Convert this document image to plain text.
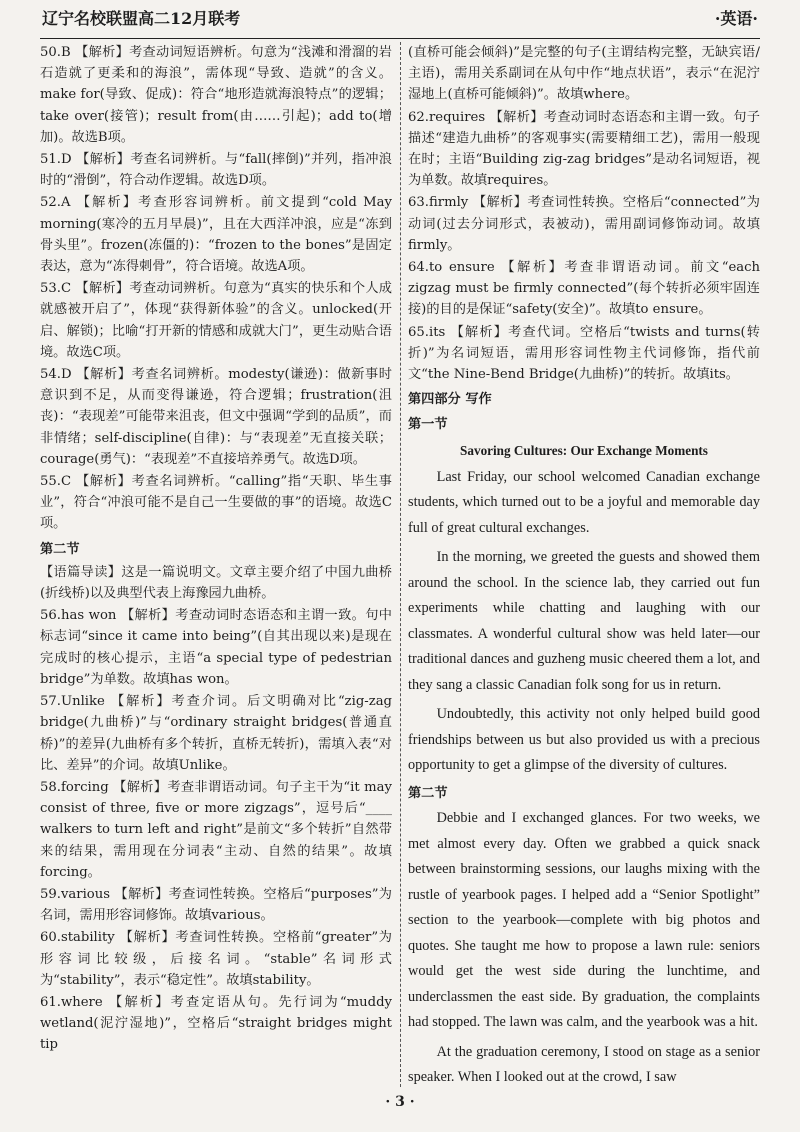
辽宁名校联盟高二12月联考	·英语·
50.B 【解析】考查动词短语辨析。句意为“浅滩和滑溜的岩石造就了更柔和的海浪”，需体现“导致、造就”的含义。make for(导致、促成)：符合“地形造就海浪特点”的逻辑；take over(接管)；result from(由……引起)；add to(增加)。故选B项。
51.D 【解析】考查名词辨析。与“fall(摔倒)”并列，指冲浪时的“滑倒”，符合动作逻辑。故选D项。
52.A 【解析】考查形容词辨析。前文提到“cold May morning(寒冷的五月早晨)”，且在大西洋冲浪，应是“冻到骨头里”。frozen(冻僵的)：“frozen to the bones”是固定表达，意为“冻得刺骨”，符合语境。故选A项。
53.C 【解析】考查动词辨析。句意为“真实的快乐和个人成就感被开启了”，体现“获得新体验”的含义。unlocked(开启、解锁)；比喻“打开新的情感和成就大门”，更生动贴合语境。故选C项。
54.D 【解析】考查名词辨析。modesty(谦逊)：做新事时意识到不足，从而变得谦逊，符合逻辑；frustration(沮丧)：“表现差”可能带来沮丧，但文中强调“学到的品质”，而非情绪；self-discipline(自律)：与“表现差”无直接关联；courage(勇气)：“表现差”不直接培养勇气。故选D项。
55.C 【解析】考查名词辨析。“calling”指“天职、毕生事业”，符合“冲浪可能不是自己一生要做的事”的语境。故选C项。
第二节
【语篇导读】这是一篇说明文。文章主要介绍了中国九曲桥(折线桥)以及典型代表上海豫园九曲桥。
56.has won 【解析】考查动词时态语态和主谓一致。句中标志词“since it came into being”(自其出现以来)是现在完成时的核心提示，主语“a special type of pedestrian bridge”为单数。故填has won。
57.Unlike 【解析】考查介词。后文明确对比“zig-zag bridge(九曲桥)”与“ordinary straight bridges(普通直桥)”的差异(九曲桥有多个转折，直桥无转折)，需填入表“对比、差异”的介词。故填Unlike。
58.forcing 【解析】考查非谓语动词。句子主干为“it may consist of three, five or more zigzags”，逗号后“____ walkers to turn left and right”是前文“多个转折”自然带来的结果，需用现在分词表“主动、自然的结果”。故填forcing。
59.various 【解析】考查词性转换。空格后“purposes”为名词，需用形容词修饰。故填various。
60.stability 【解析】考查词性转换。空格前“greater”为形容词比较级，后接名词。“stable”名词形式为“stability”，表示“稳定性”。故填stability。
61.where 【解析】考查定语从句。先行词为“muddy wetland(泥泞湿地)”，空格后“straight bridges might tip
(直桥可能会倾斜)”是完整的句子(主谓结构完整，无缺宾语/主语)，需用关系副词在从句中作“地点状语”，表示“在泥泞湿地上(直桥可能倾斜)”。故填where。
62.requires 【解析】考查动词时态语态和主谓一致。句子描述“建造九曲桥”的客观事实(需要精细工艺)，需用一般现在时；主语“Building zig-zag bridges”是动名词短语，视为单数。故填requires。
63.firmly 【解析】考查词性转换。空格后“connected”为动词(过去分词形式，表被动)，需用副词修饰动词。故填firmly。
64.to ensure 【解析】考查非谓语动词。前文“each zigzag must be firmly connected”(每个转折必须牢固连接)的目的是保证“safety(安全)”。故填to ensure。
65.its 【解析】考查代词。空格后“twists and turns(转折)”为名词短语，需用形容词性物主代词修饰，指代前文“the Nine-Bend Bridge(九曲桥)”的转折。故填its。
第四部分 写作
第一节
Savoring Cultures: Our Exchange Moments

Last Friday, our school welcomed Canadian exchange students, which turned out to be a joyful and memorable day full of great cultural exchanges.

In the morning, we greeted the guests and showed them around the school. In the science lab, they carried out fun experiments while chatting and laughing with our classmates. A wonderful cultural show was held later—our traditional dances and guzheng music cheered them a lot, and they sang a classic Canadian folk song for us in return.

Undoubtedly, this activity not only helped build good friendships between us but also provided us with a precious opportunity to get a glimpse of the diversity of cultures.

第二节

Debbie and I exchanged glances. For two weeks, we met almost every day. Often we grabbed a quick snack between brainstorming sessions, our laughs mixing with the rustle of yearbook pages. I helped add a “Senior Spotlight” section to the yearbook—complete with big photos and quotes. She taught me how to propose a lawn rule: seniors would get the west side during the lunchtime, and underclassmen the east side. By graduation, the complaints had stopped. The lawn was calm, and the yearbook was a hit.

At the graduation ceremony, I stood on stage as a senior speaker. When I looked out at the crowd, I saw

· 3 ·
